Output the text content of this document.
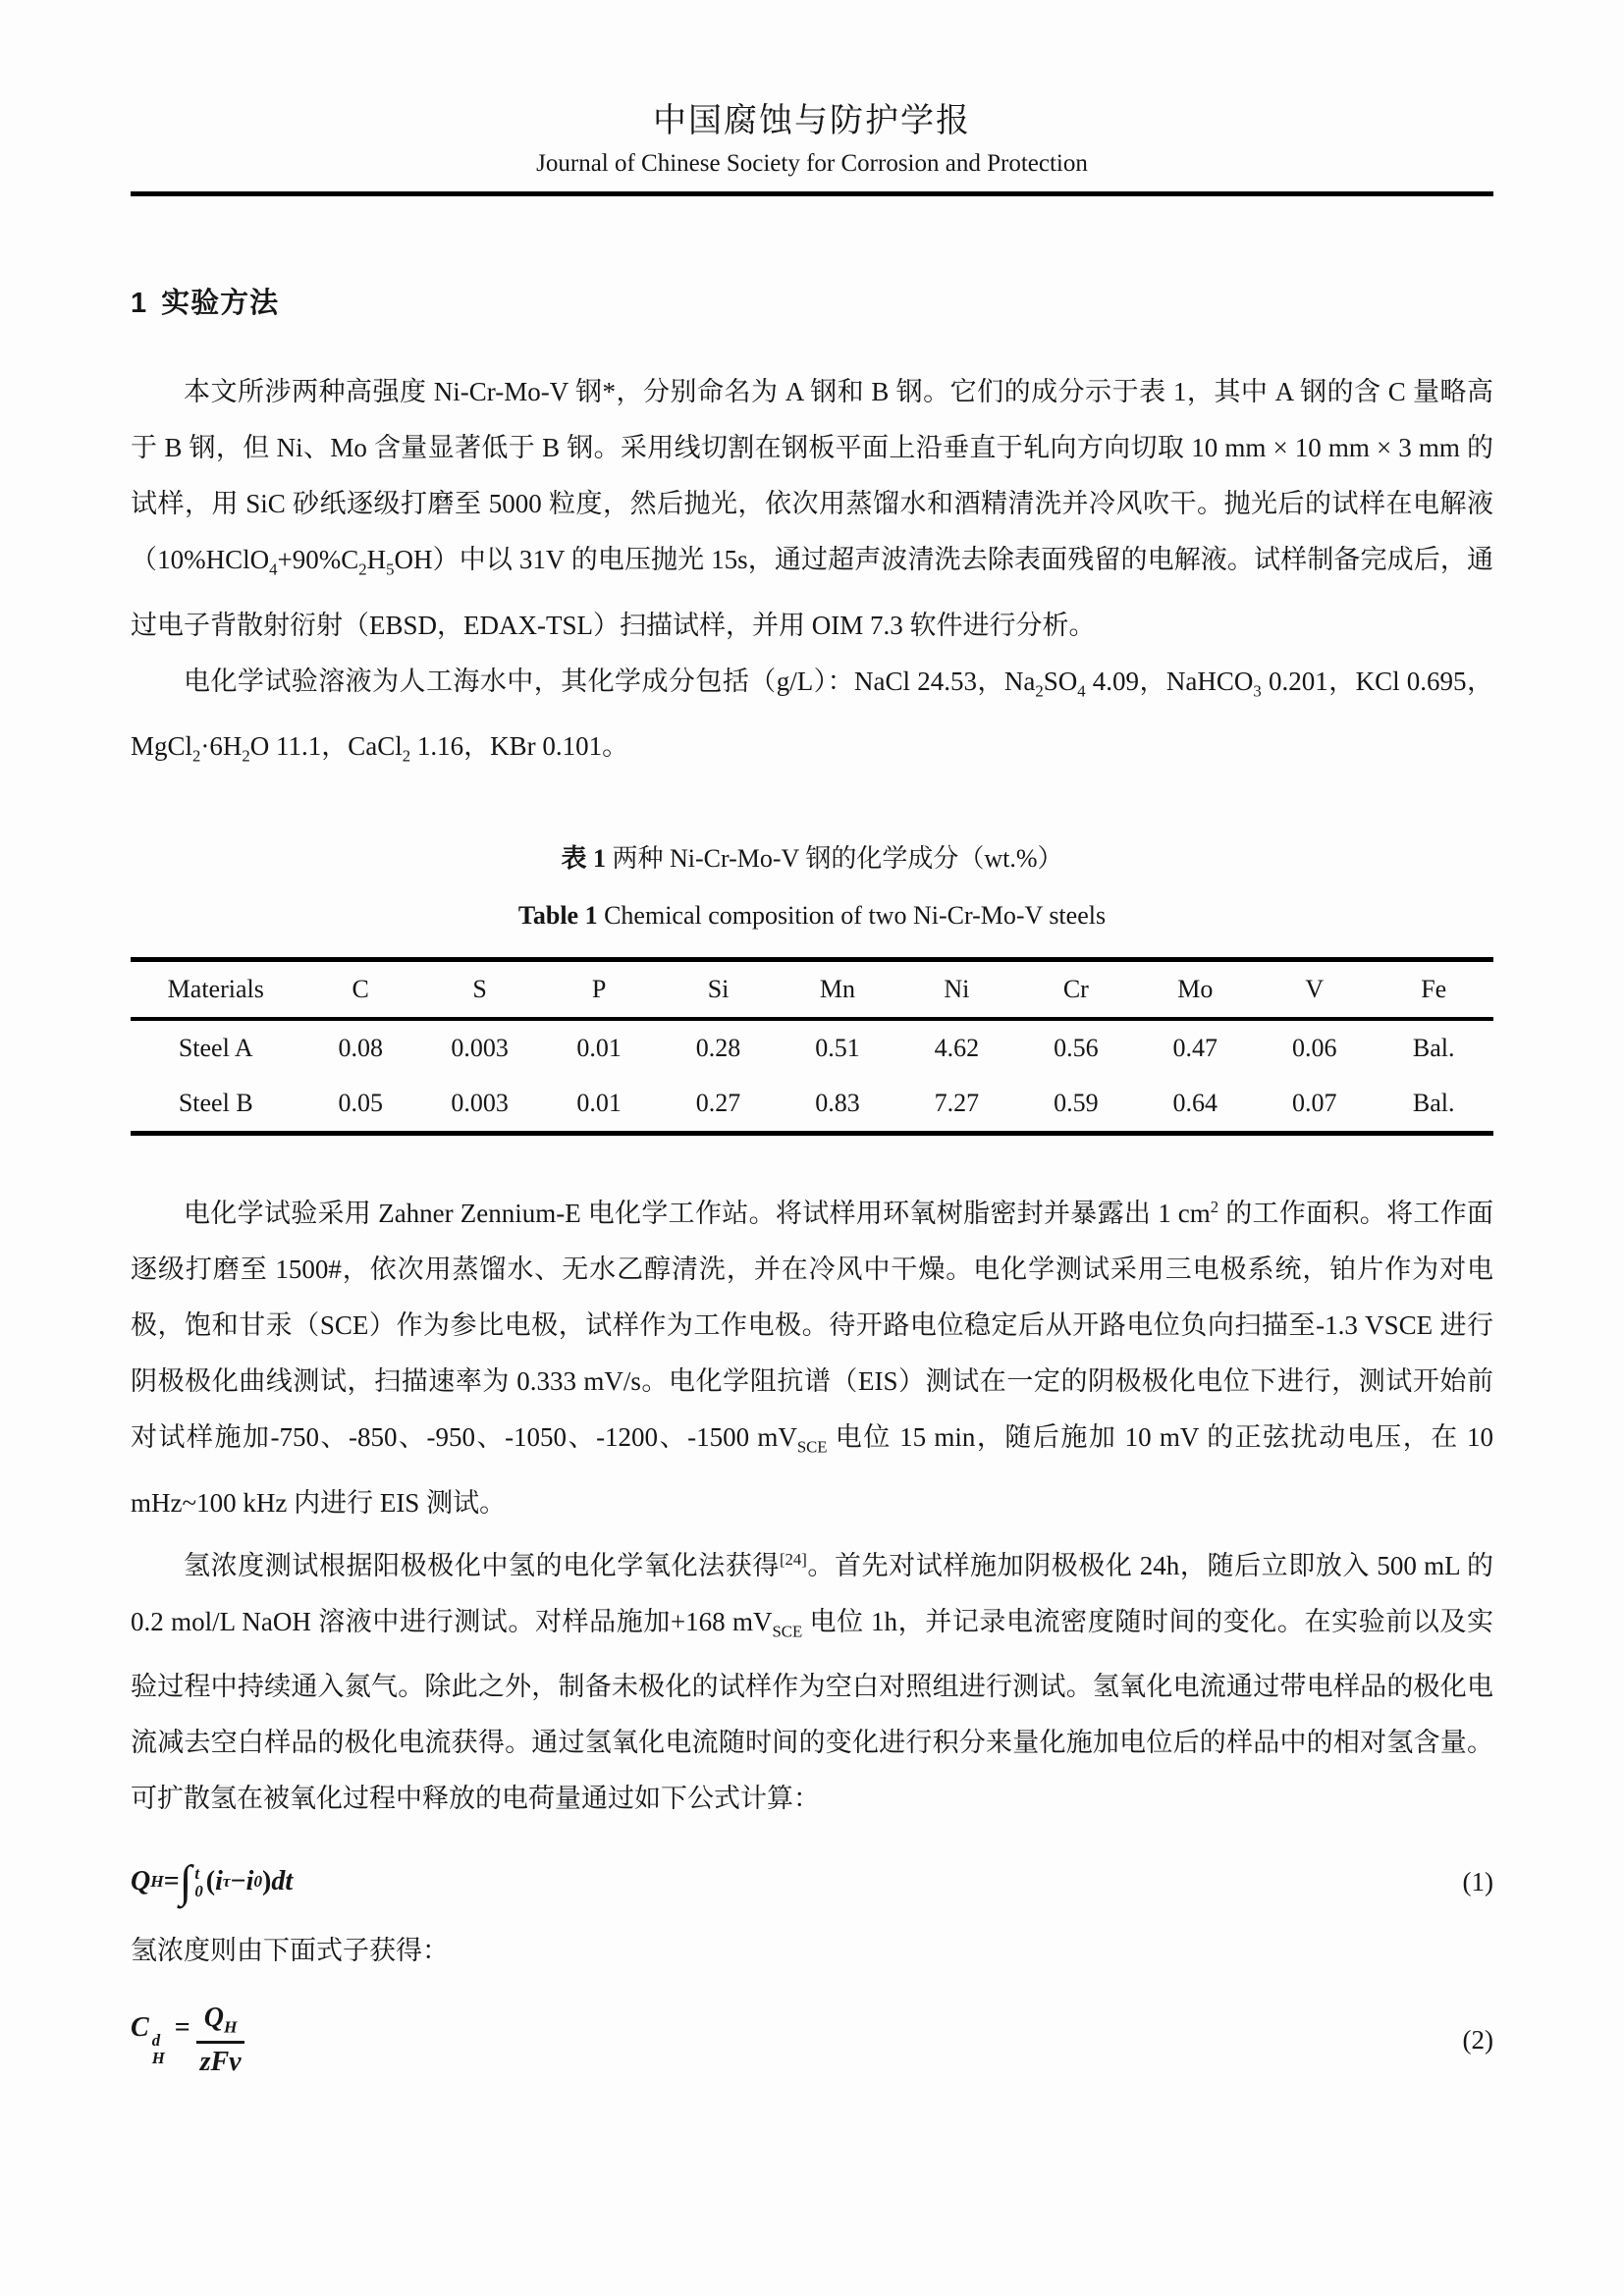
中国腐蚀与防护学报
Journal of Chinese Society for Corrosion and Protection
1 实验方法

本文所涉两种高强度 Ni-Cr-Mo-V 钢*，分别命名为 A 钢和 B 钢。它们的成分示于表 1，其中 A 钢的含 C 量略高于 B 钢，但 Ni、Mo 含量显著低于 B 钢。采用线切割在钢板平面上沿垂直于轧向方向切取 10 mm × 10 mm × 3 mm 的试样，用 SiC 砂纸逐级打磨至 5000 粒度，然后抛光，依次用蒸馏水和酒精清洗并冷风吹干。抛光后的试样在电解液$(10\%HClO_4+90\%C_2H_5OH)$中以 31V 的电压抛光 15s，通过超声波清洗去除表面残留的电解液。试样制备完成后，通过电子背散射衍射（EBSD，EDAX-TSL）扫描试样，并用 OIM 7.3 软件进行分析。

电化学试验溶液为人工海水中，其化学成分包括（g/L）：NaCl 24.53，$Na_2SO_4$ 4.09，NaHCO$_3$ 0.201，KCl 0.695，$MgCl_2\cdot 6H_2O$ 11.1，CaCl$_2$ 1.16，KBr 0.101。

表 1 两种 Ni-Cr-Mo-V 钢的化学成分（wt.%）

Table 1 Chemical composition of two Ni-Cr-Mo-V steels

Materials	C	S	P	Si	Mn	Ni	Cr	Mo	V	Fe
Steel A	0.08	0.003	0.01	0.28	0.51	4.62	0.56	0.47	0.06	Bal.
Steel B	0.05	0.003	0.01	0.27	0.83	7.27	0.59	0.64	0.07	Bal.

电化学试验采用 Zahner Zennium-E 电化学工作站。将试样用环氧树脂密封并暴露出 1 $cm^2$ 的工作面积。将工作面逐级打磨至 1500#，依次用蒸馏水、无水乙醇清洗，并在冷风中干燥。电化学测试采用三电极系统，铂片作为对电极，饱和甘汞（SCE）作为参比电极，试样作为工作电极。待开路电位稳定后从开路电位负向扫描至-1.3 VSCE 进行阴极极化曲线测试，扫描速率为 0.333 mV/s。电化学阻抗谱（EIS）测试在一定的阴极极化电位下进行，测试开始前对试样施加-750、-850、-950、-1050、-1200、-1500 $mV_{SCE}$ 电位 15 min，随后施加 10 mV 的正弦扰动电压，在 10 mHz~100 kHz 内进行 EIS 测试。

氢浓度测试根据阳极极化中氢的电化学氧化法获得[24]。首先对试样施加阴极极化 24h，随后立即放入 500 mL 的 0.2 mol/L NaOH 溶液中进行测试。对样品施加+168 $mV_{SCE}$ 电位 1h，并记录电流密度随时间的变化。在实验前以及实验过程中持续通入氮气。除此之外，制备未极化的试样作为空白对照组进行测试。氢氧化电流通过带电样品的极化电流减去空白样品的极化电流获得。通过氢氧化电流随时间的变化进行积分来量化施加电位后的样品中的相对氢含量。可扩散氢在被氧化过程中释放的电荷量通过如下公式计算：

Q H = ∫ t
0 ( i τ − i 0 ) dt	(1)

氢浓度则由下面式子获得：

C d
H
= $\frac{Q_H}{\text{zFv}}$	(2)
